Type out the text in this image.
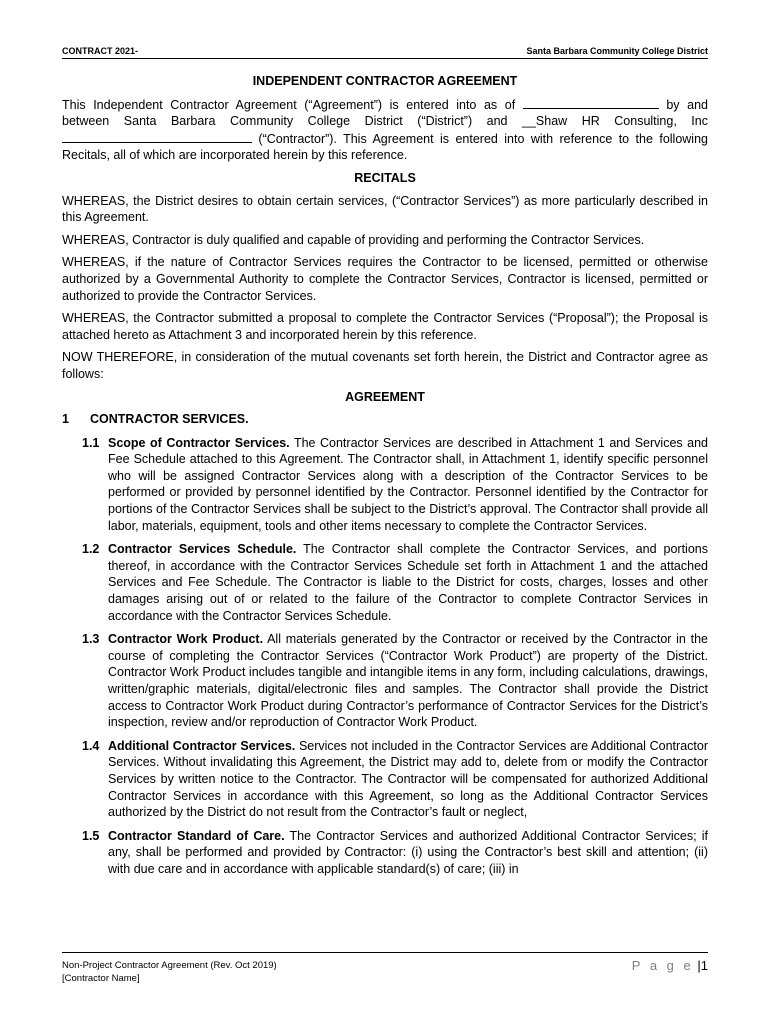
CONTRACT 2021-	Santa Barbara Community College District
INDEPENDENT CONTRACTOR AGREEMENT

This Independent Contractor Agreement (“Agreement”) is entered into as of	by and between Santa Barbara Community College District (“District”) and __Shaw HR Consulting, Inc (“Contractor”). This Agreement is entered into with reference to the following Recitals, all of which are incorporated herein by this reference.

RECITALS

WHEREAS, the District desires to obtain certain services, (“Contractor Services”) as more particularly described in this Agreement.

WHEREAS, Contractor is duly qualified and capable of providing and performing the Contractor Services.

WHEREAS, if the nature of Contractor Services requires the Contractor to be licensed, permitted or otherwise authorized by a Governmental Authority to complete the Contractor Services, Contractor is licensed, permitted or authorized to provide the Contractor Services.

WHEREAS, the Contractor submitted a proposal to complete the Contractor Services (“Proposal”); the Proposal is attached hereto as Attachment 3 and incorporated herein by this reference.

NOW THEREFORE, in consideration of the mutual covenants set forth herein, the District and Contractor agree as follows:

AGREEMENT
1	CONTRACTOR SERVICES.
1.1 Scope of Contractor Services. The Contractor Services are described in Attachment 1 and Services and Fee Schedule attached to this Agreement. The Contractor shall, in Attachment 1, identify specific personnel who will be assigned Contractor Services along with a description of the Contractor Services to be performed or provided by personnel identified by the Contractor. Personnel identified by the Contractor for portions of the Contractor Services shall be subject to the District’s approval. The Contractor shall provide all labor, materials, equipment, tools and other items necessary to complete the Contractor Services.
1.2 Contractor Services Schedule. The Contractor shall complete the Contractor Services, and portions thereof, in accordance with the Contractor Services Schedule set forth in Attachment 1 and the attached Services and Fee Schedule. The Contractor is liable to the District for costs, charges, losses and other damages arising out of or related to the failure of the Contractor to complete Contractor Services in accordance with the Contractor Services Schedule.
1.3 Contractor Work Product. All materials generated by the Contractor or received by the Contractor in the course of completing the Contractor Services (“Contractor Work Product”) are property of the District. Contractor Work Product includes tangible and intangible items in any form, including calculations, drawings, written/graphic materials, digital/electronic files and samples. The Contractor shall provide the District access to Contractor Work Product during Contractor’s performance of Contractor Services for the District’s inspection, review and/or reproduction of Contractor Work Product.
1.4 Additional Contractor Services. Services not included in the Contractor Services are Additional Contractor Services. Without invalidating this Agreement, the District may add to, delete from or modify the Contractor Services by written notice to the Contractor. The Contractor will be compensated for authorized Additional Contractor Services in accordance with this Agreement, so long as the Additional Contractor Services authorized by the District do not result from the Contractor’s fault or neglect,
1.5 Contractor Standard of Care. The Contractor Services and authorized Additional Contractor Services; if any, shall be performed and provided by Contractor: (i) using the Contractor’s best skill and attention; (ii) with due care and in accordance with applicable standard(s) of care; (iii) in
Non-Project Contractor Agreement (Rev. Oct 2019)
[Contractor Name]
P a g e |1
